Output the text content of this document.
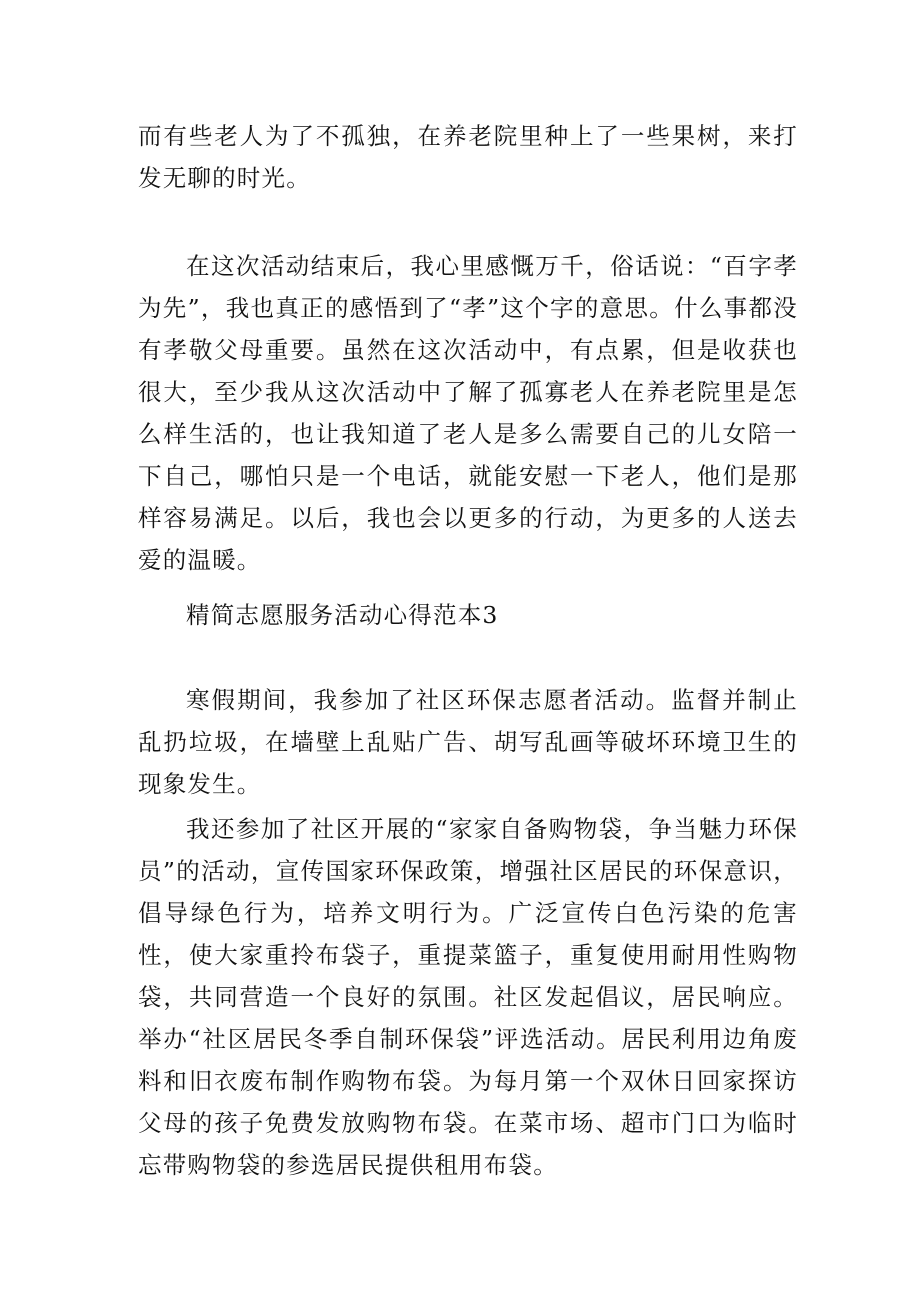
而有些老人为了不孤独，在养老院里种上了一些果树，来打发无聊的时光。

在这次活动结束后，我心里感慨万千，俗话说：“百字孝为先”，我也真正的感悟到了“孝”这个字的意思。什么事都没有孝敬父母重要。虽然在这次活动中，有点累，但是收获也很大，至少我从这次活动中了解了孤寡老人在养老院里是怎么样生活的，也让我知道了老人是多么需要自己的儿女陪一下自己，哪怕只是一个电话，就能安慰一下老人，他们是那样容易满足。以后，我也会以更多的行动，为更多的人送去爱的温暖。

精简志愿服务活动心得范本3

寒假期间，我参加了社区环保志愿者活动。监督并制止乱扔垃圾，在墙壁上乱贴广告、胡写乱画等破坏环境卫生的现象发生。

我还参加了社区开展的“家家自备购物袋，争当魅力环保员”的活动，宣传国家环保政策，增强社区居民的环保意识，倡导绿色行为，培养文明行为。广泛宣传白色污染的危害性，使大家重拎布袋子，重提菜篮子，重复使用耐用性购物袋，共同营造一个良好的氛围。社区发起倡议，居民响应。举办“社区居民冬季自制环保袋”评选活动。居民利用边角废料和旧衣废布制作购物布袋。为每月第一个双休日回家探访父母的孩子免费发放购物布袋。在菜市场、超市门口为临时忘带购物袋的参选居民提供租用布袋。
